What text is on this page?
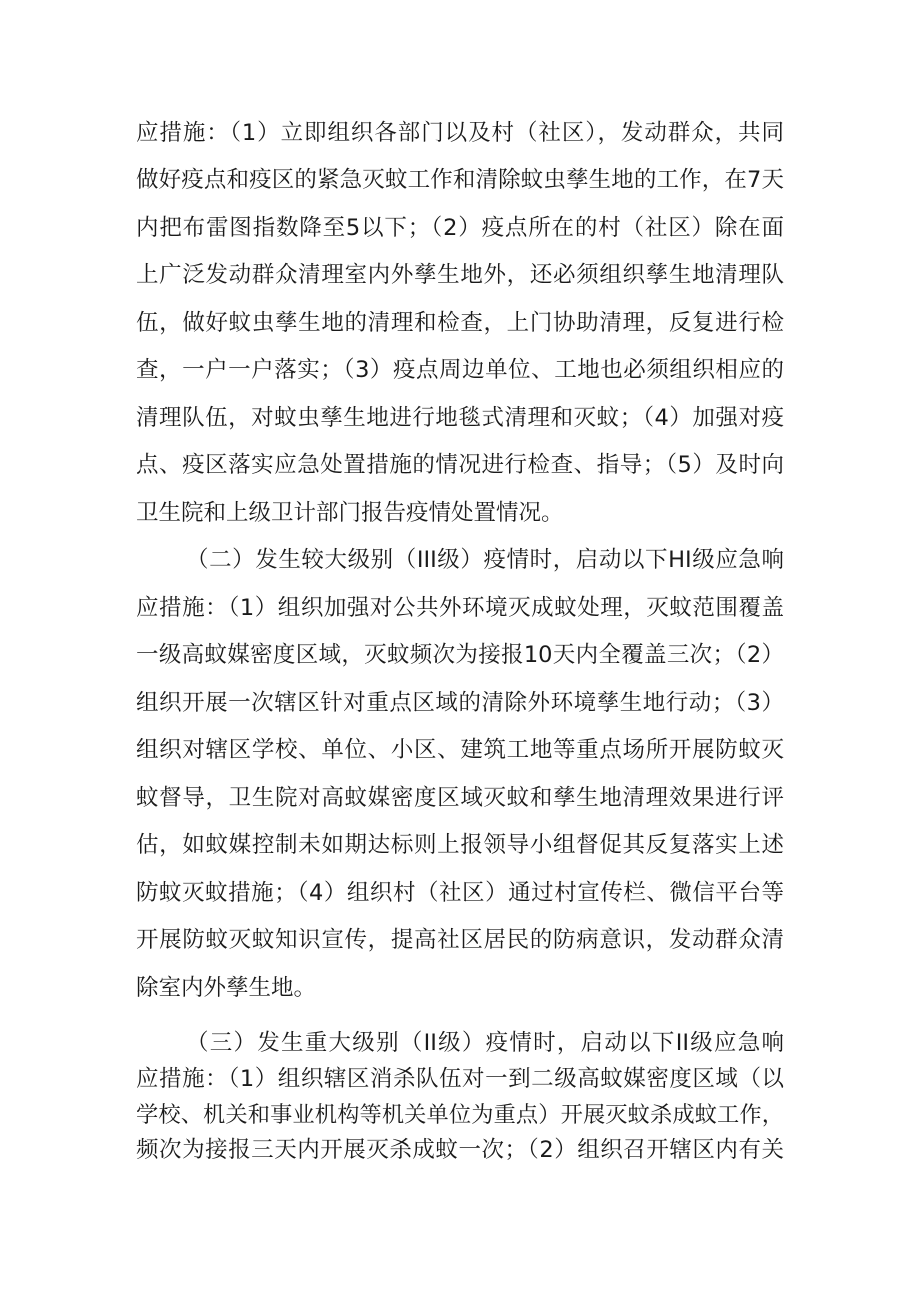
应措施：（1）立即组织各部门以及村（社区），发动群众，共同
做好疫点和疫区的紧急灭蚊工作和清除蚊虫孳生地的工作，在7天
内把布雷图指数降至5以下；（2）疫点所在的村（社区）除在面
上广泛发动群众清理室内外孳生地外，还必须组织孳生地清理队
伍，做好蚊虫孳生地的清理和检查，上门协助清理，反复进行检
查，一户一户落实；（3）疫点周边单位、工地也必须组织相应的
清理队伍，对蚊虫孳生地进行地毯式清理和灭蚊；（4）加强对疫
点、疫区落实应急处置措施的情况进行检查、指导；（5）及时向
卫生院和上级卫计部门报告疫情处置情况。
（二）发生较大级别（III级）疫情时，启动以下HI级应急响
应措施：（1）组织加强对公共外环境灭成蚊处理，灭蚊范围覆盖
一级高蚊媒密度区域，灭蚊频次为接报10天内全覆盖三次；（2）
组织开展一次辖区针对重点区域的清除外环境孳生地行动；（3）
组织对辖区学校、单位、小区、建筑工地等重点场所开展防蚊灭
蚊督导，卫生院对高蚊媒密度区域灭蚊和孳生地清理效果进行评
估，如蚊媒控制未如期达标则上报领导小组督促其反复落实上述
防蚊灭蚊措施；（4）组织村（社区）通过村宣传栏、微信平台等
开展防蚊灭蚊知识宣传，提高社区居民的防病意识，发动群众清
除室内外孳生地。
（三）发生重大级别（II级）疫情时，启动以下II级应急响
应措施：（1）组织辖区消杀队伍对一到二级高蚊媒密度区域（以
学校、机关和事业机构等机关单位为重点）开展灭蚊杀成蚊工作，
频次为接报三天内开展灭杀成蚊一次；（2）组织召开辖区内有关
